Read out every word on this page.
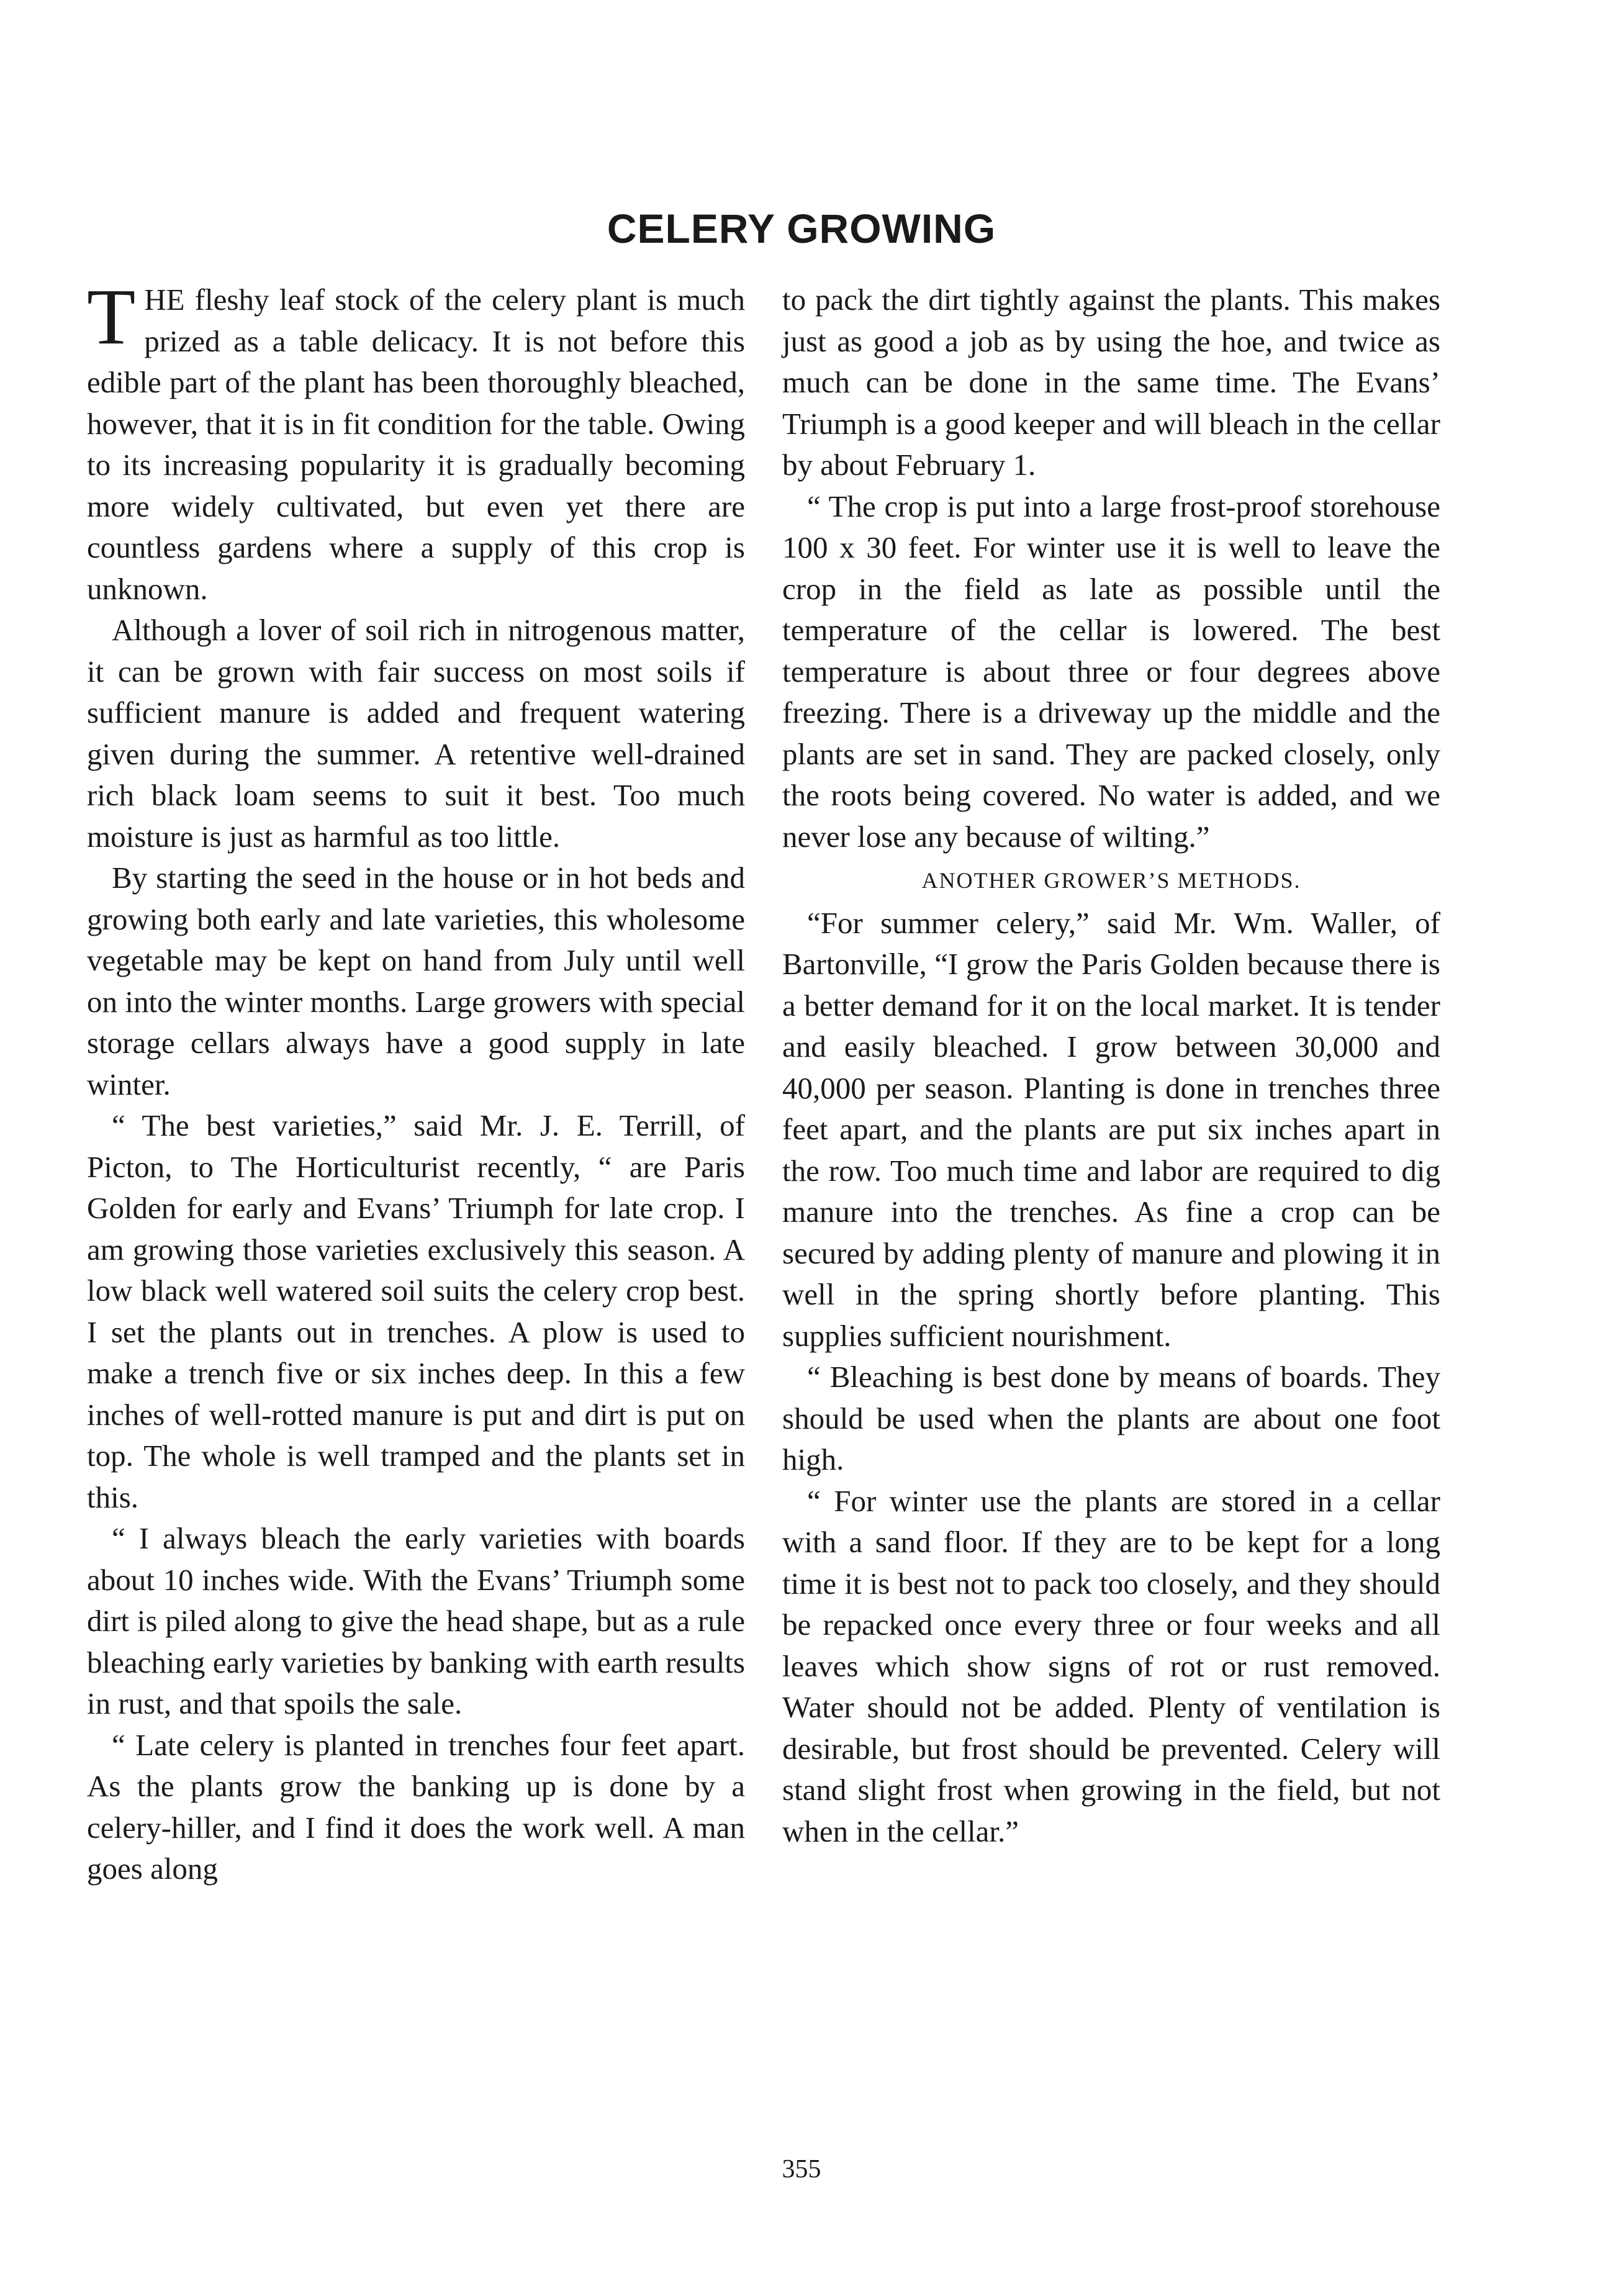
CELERY GROWING

T HE fleshy leaf stock of the celery plant is much prized as a table delicacy. It is not before this edible part of the plant has been thoroughly bleached, however, that it is in fit condition for the table. Owing to its increasing popularity it is gradually becoming more widely cultivated, but even yet there are countless gardens where a supply of this crop is unknown.

Although a lover of soil rich in nitrogenous matter, it can be grown with fair success on most soils if sufficient manure is added and frequent watering given during the summer. A retentive well-drained rich black loam seems to suit it best. Too much moisture is just as harmful as too little.

By starting the seed in the house or in hot beds and growing both early and late varieties, this wholesome vegetable may be kept on hand from July until well on into the winter months. Large growers with special storage cellars always have a good supply in late winter.

“ The best varieties,” said Mr. J. E. Terrill, of Picton, to The Horticulturist recently, “ are Paris Golden for early and Evans’ Triumph for late crop. I am growing those varieties exclusively this season. A low black well watered soil suits the celery crop best. I set the plants out in trenches. A plow is used to make a trench five or six inches deep. In this a few inches of well-rotted manure is put and dirt is put on top. The whole is well tramped and the plants set in this.

“ I always bleach the early varieties with boards about 10 inches wide. With the Evans’ Triumph some dirt is piled along to give the head shape, but as a rule bleaching early varieties by banking with earth results in rust, and that spoils the sale.

“ Late celery is planted in trenches four feet apart. As the plants grow the banking up is done by a celery-hiller, and I find it does the work well. A man goes along

to pack the dirt tightly against the plants. This makes just as good a job as by using the hoe, and twice as much can be done in the same time. The Evans’ Triumph is a good keeper and will bleach in the cellar by about February 1.

“ The crop is put into a large frost-proof storehouse 100 x 30 feet. For winter use it is well to leave the crop in the field as late as possible until the temperature of the cellar is lowered. The best temperature is about three or four degrees above freezing. There is a driveway up the middle and the plants are set in sand. They are packed closely, only the roots being covered. No water is added, and we never lose any because of wilting.”

ANOTHER GROWER’S METHODS.

“For summer celery,” said Mr. Wm. Waller, of Bartonville, “I grow the Paris Golden because there is a better demand for it on the local market. It is tender and easily bleached. I grow between 30,000 and 40,000 per season. Planting is done in trenches three feet apart, and the plants are put six inches apart in the row. Too much time and labor are required to dig manure into the trenches. As fine a crop can be secured by adding plenty of manure and plowing it in well in the spring shortly before planting. This supplies sufficient nourishment.

“ Bleaching is best done by means of boards. They should be used when the plants are about one foot high.

“ For winter use the plants are stored in a cellar with a sand floor. If they are to be kept for a long time it is best not to pack too closely, and they should be repacked once every three or four weeks and all leaves which show signs of rot or rust removed. Water should not be added. Plenty of ventilation is desirable, but frost should be prevented. Celery will stand slight frost when growing in the field, but not when in the cellar.”

355
